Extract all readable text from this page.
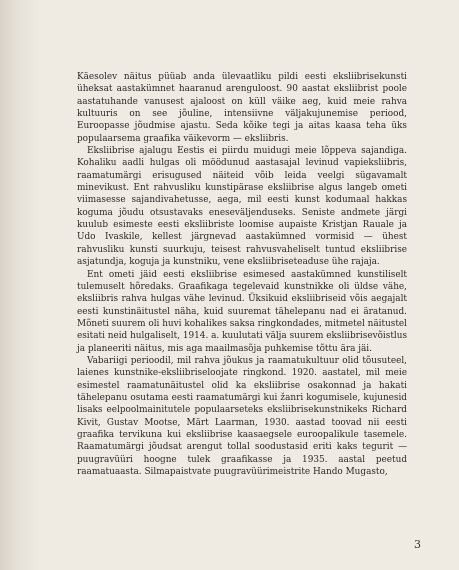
Käesolev näitus püüab anda ülevaatliku pildi eesti eksliibrisekunsti üheksat aastakümnet haaranud arenguloost. 90 aastat eksliibrist poole aastatuhande vanusest ajaloost on küll väike aeg, kuid meie rahva kultuuris on see jõuline, intensiivne väljakujunemise periood, Euroopasse jõudmise ajastu. Seda kõike tegi ja aitas kaasa teha üks populaarsema graafika väikevorm — eksliibris.

Eksliibrise ajalugu Eestis ei piirdu muidugi meie lõppeva sajandiga. Kohaliku aadli hulgas oli möödunud aastasajal levinud vapieksliibris, raamatumärgi erisugused näiteid võib leida veelgi sügavamalt minevikust. Ent rahvusliku kunstipärase eksliibrise algus langeb ometi viimasesse sajandivahetusse, aega, mil eesti kunst kodumaal hakkas koguma jõudu otsustavaks eneseväljenduseks. Seniste andmete järgi kuulub esimeste eesti eksliibriste loomise aupaiste Kristjan Rauale ja Udo Ivaskile, kellest järgnevad aastakümned vormisid — ühest rahvusliku kunsti suurkuju, teisest rahvusvaheliselt tuntud eksliibrise asjatundja, koguja ja kunstniku, vene eksliibriseteaduse ühe rajaja.

Ent ometi jäid eesti eksliibrise esimesed aastakümned kunstiliselt tulemuselt hõredaks. Graafikaga tegelevaid kunstnikke oli üldse vähe, eksliibris rahva hulgas vähe levinud. Üksikuid eksliibriseid võis aegajalt eesti kunstinäitustel näha, kuid suuremat tähelepanu nad ei äratanud. Mõneti suurem oli huvi kohalikes saksa ringkondades, mitmetel näitustel esitati neid hulgaliselt, 1914. a. kuulutati välja suurem eksliibrisevõistlus ja planeeriti näitus, mis aga maailmasõja puhkemise tõttu ära jäi.

Vabariigi perioodil, mil rahva jõukus ja raamatukultuur olid tõusuteel, laienes kunstnike-eksliibriseloojate ringkond. 1920. aastatel, mil meie esimestel raamatunäitustel olid ka eksliibrise osakonnad ja hakati tähelepanu osutama eesti raamatumärgi kui žanri kogumisele, kujunesid lisaks eelpoolmainitutele populaarseteks eksliibrisekunstnikeks Richard Kivit, Gustav Mootse, Märt Laarman, 1930. aastad toovad nii eesti graafika tervikuna kui eksliibrise kaasaegsele euroopalikule tasemele. Raamatumärgi jõudsat arengut tollal soodustasid eriti kaks tegurit — puugravüüri hoogne tulek graafikasse ja 1935. aastal peetud raamatuaasta. Silmapaistvate puugravüürimeistrite Hando Mugasto,

3
